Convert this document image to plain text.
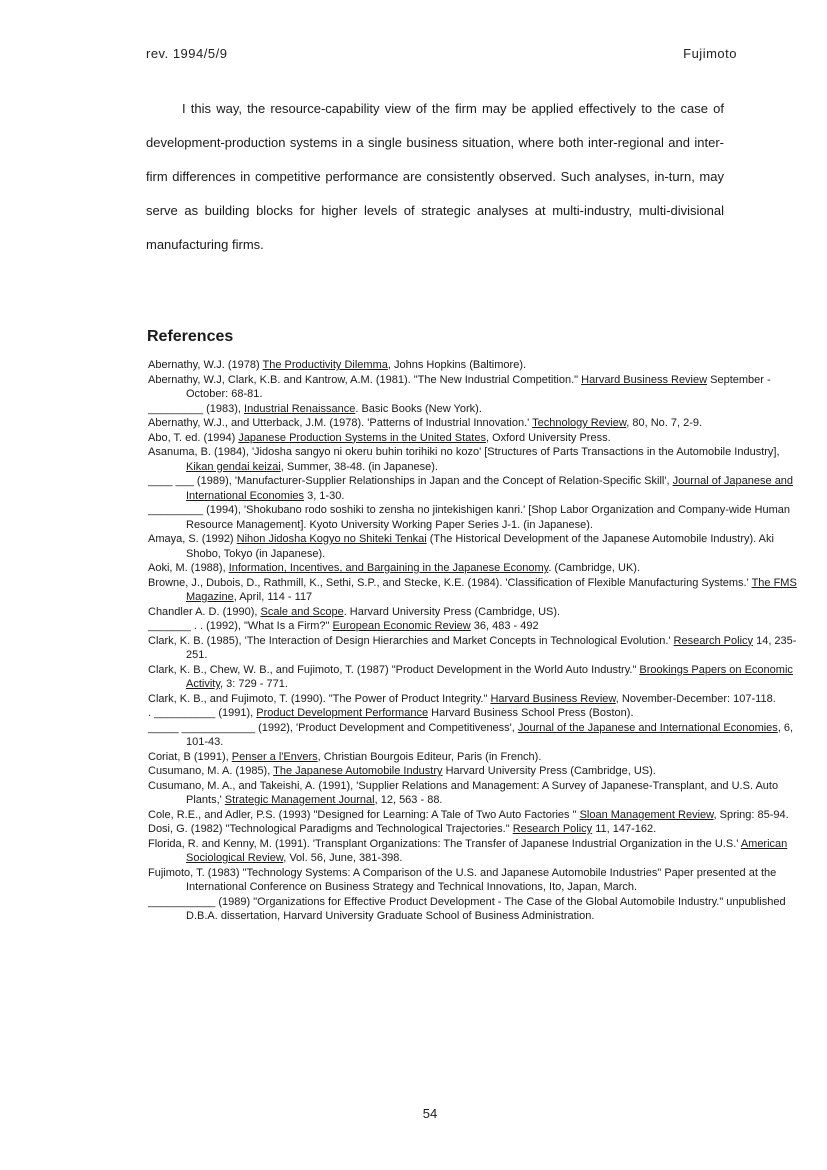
rev. 1994/5/9	Fujimoto

I this way, the resource-capability view of the firm may be applied effectively to the case of development-production systems in a single business situation, where both inter-regional and inter-firm differences in competitive performance are consistently observed. Such analyses, in-turn, may serve as building blocks for higher levels of strategic analyses at multi-industry, multi-divisional manufacturing firms.

References

Abernathy, W.J. (1978) The Productivity Dilemma, Johns Hopkins (Baltimore).

Abernathy, W.J, Clark, K.B. and Kantrow, A.M. (1981). "The New Industrial Competition." Harvard Business Review September - October: 68-81.

_________ (1983), Industrial Renaissance. Basic Books (New York).

Abernathy, W.J., and Utterback, J.M. (1978). 'Patterns of Industrial Innovation.' Technology Review, 80, No. 7, 2-9.

Abo, T. ed. (1994) Japanese Production Systems in the United States, Oxford University Press.

Asanuma, B. (1984), 'Jidosha sangyo ni okeru buhin torihiki no kozo' [Structures of Parts Transactions in the Automobile Industry], Kikan gendai keizai, Summer, 38-48. (in Japanese).

____ ___ (1989), 'Manufacturer-Supplier Relationships in Japan and the Concept of Relation-Specific Skill', Journal of Japanese and International Economies 3, 1-30.

_________ (1994), 'Shokubano rodo soshiki to zensha no jintekishigen kanri.' [Shop Labor Organization and Company-wide Human Resource Management]. Kyoto University Working Paper Series J-1. (in Japanese).

Amaya, S. (1992) Nihon Jidosha Kogyo no Shiteki Tenkai (The Historical Development of the Japanese Automobile Industry). Aki Shobo, Tokyo (in Japanese).

Aoki, M. (1988), Information, Incentives, and Bargaining in the Japanese Economy. (Cambridge, UK).

Browne, J., Dubois, D., Rathmill, K., Sethi, S.P., and Stecke, K.E. (1984). 'Classification of Flexible Manufacturing Systems.' The FMS Magazine, April, 114 - 117

Chandler A. D. (1990), Scale and Scope. Harvard University Press (Cambridge, US).

_______ . . (1992), "What Is a Firm?" European Economic Review 36, 483 - 492

Clark, K. B. (1985), 'The Interaction of Design Hierarchies and Market Concepts in Technological Evolution.' Research Policy 14, 235-251.

Clark, K. B., Chew, W. B., and Fujimoto, T. (1987) "Product Development in the World Auto Industry." Brookings Papers on Economic Activity, 3: 729 - 771.

Clark, K. B., and Fujimoto, T. (1990). "The Power of Product Integrity." Harvard Business Review, November-December: 107-118.

. __________ (1991), Product Development Performance Harvard Business School Press (Boston).

_____ ____________ (1992), 'Product Development and Competitiveness', Journal of the Japanese and International Economies, 6, 101-43.

Coriat, B (1991), Penser a l'Envers, Christian Bourgois Editeur, Paris (in French).

Cusumano, M. A. (1985), The Japanese Automobile Industry Harvard University Press (Cambridge, US).

Cusumano, M. A., and Takeishi, A. (1991), 'Supplier Relations and Management: A Survey of Japanese-Transplant, and U.S. Auto Plants,' Strategic Management Journal, 12, 563 - 88.

Cole, R.E., and Adler, P.S. (1993) "Designed for Learning: A Tale of Two Auto Factories " Sloan Management Review, Spring: 85-94.

Dosi, G. (1982) "Technological Paradigms and Technological Trajectories." Research Policy 11, 147-162.

Florida, R. and Kenny, M. (1991). 'Transplant Organizations: The Transfer of Japanese Industrial Organization in the U.S.' American Sociological Review, Vol. 56, June, 381-398.

Fujimoto, T. (1983) "Technology Systems: A Comparison of the U.S. and Japanese Automobile Industries" Paper presented at the International Conference on Business Strategy and Technical Innovations, Ito, Japan, March.

___________ (1989) "Organizations for Effective Product Development - The Case of the Global Automobile Industry." unpublished D.B.A. dissertation, Harvard University Graduate School of Business Administration.

54
